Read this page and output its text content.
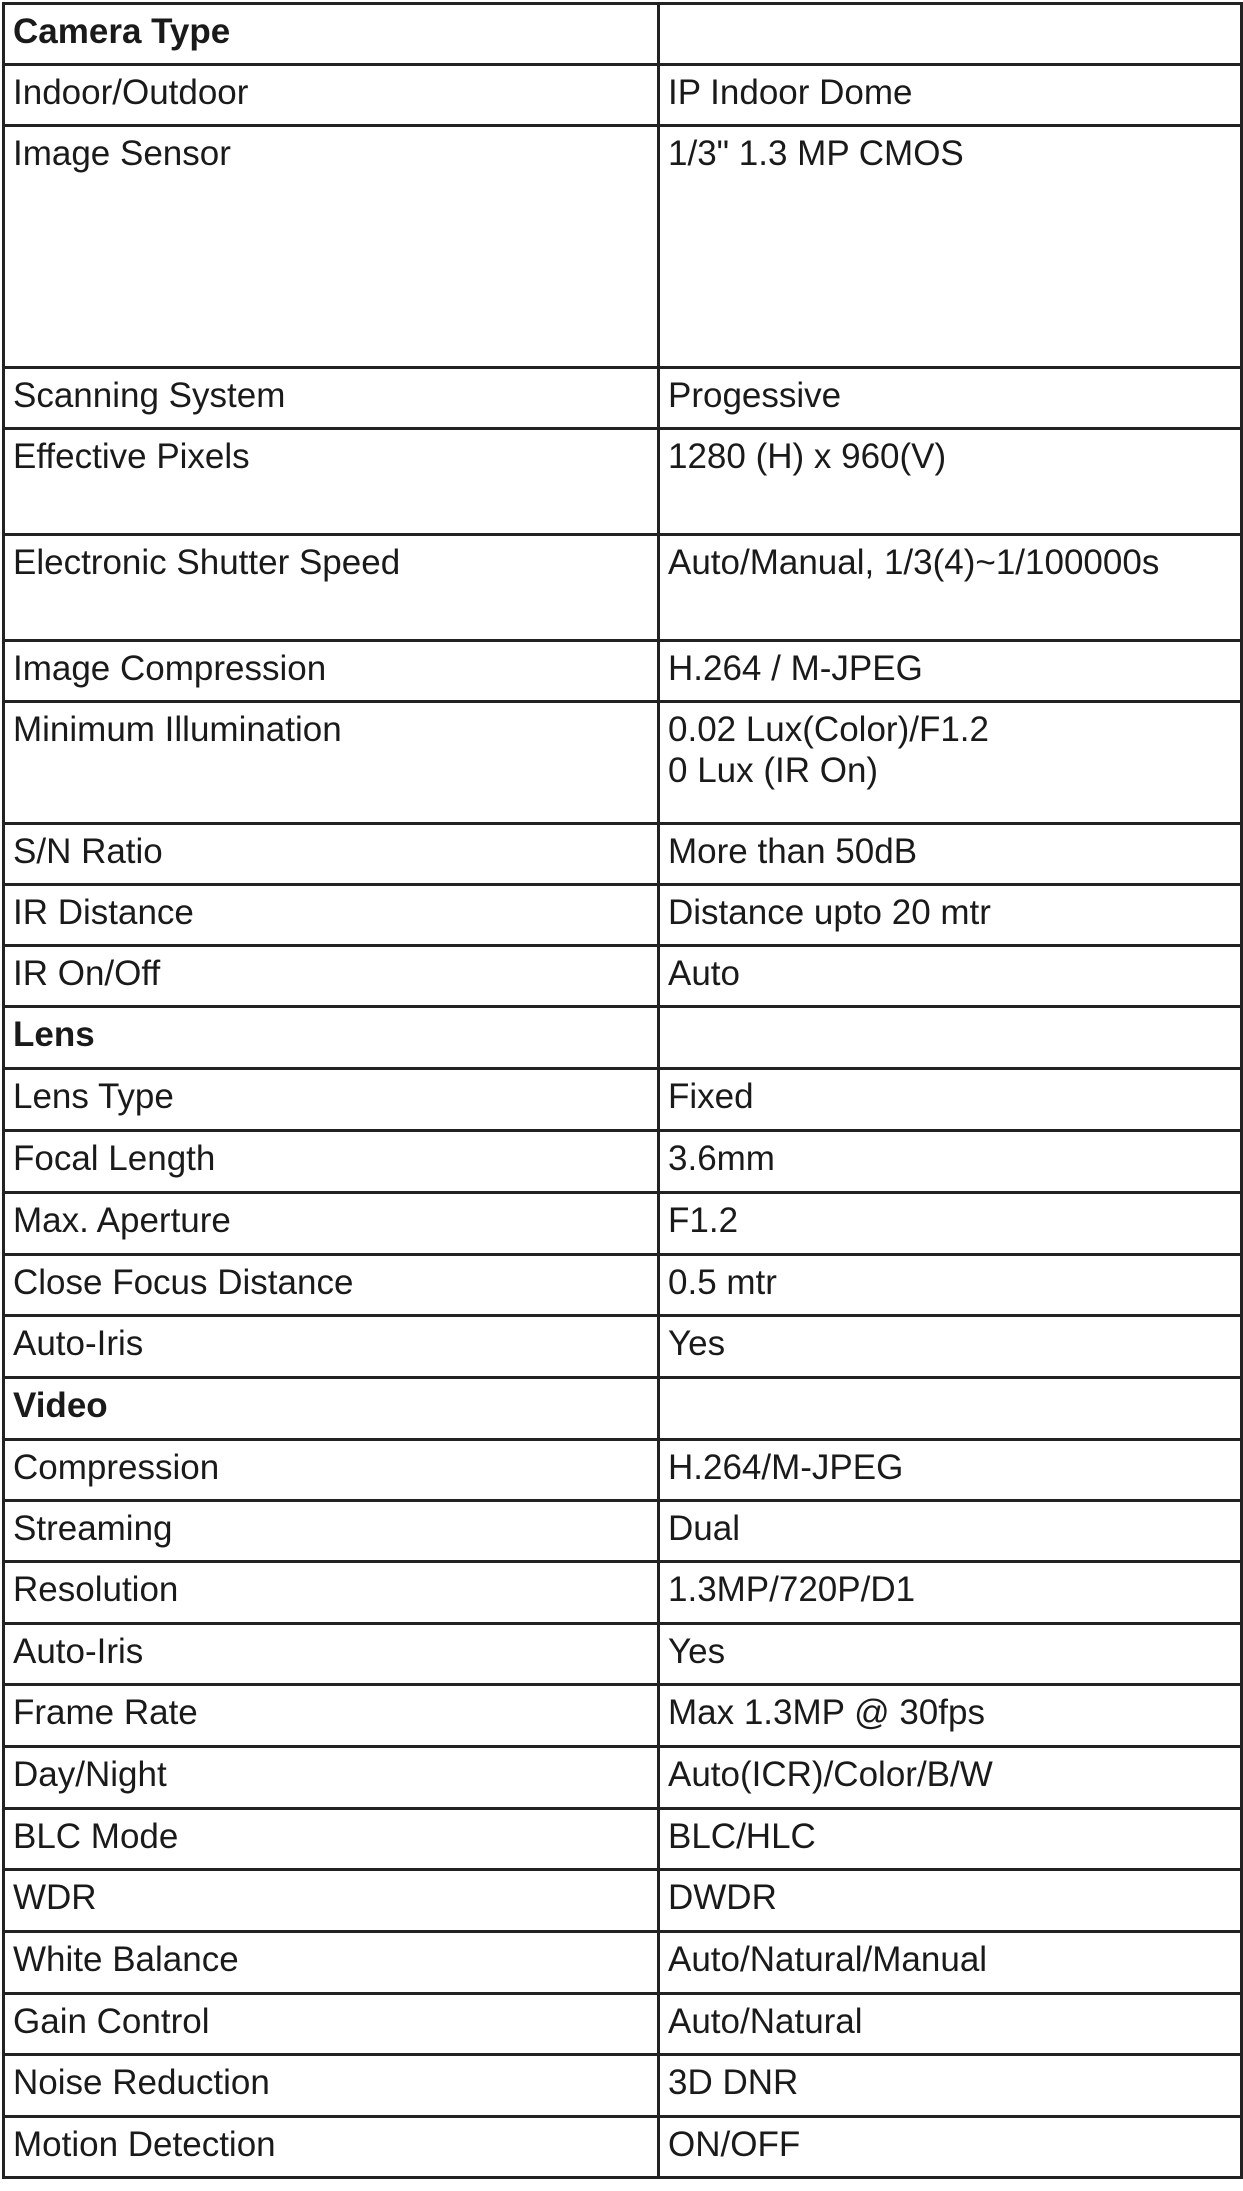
Camera Type	
Indoor/Outdoor	IP Indoor Dome

Image Sensor	1/3" 1.3 MP CMOS

Scanning System	Progessive

Effective Pixels	1280 (H) x 960(V)

Electronic Shutter Speed	Auto/Manual, 1/3(4)~1/100000s

Image Compression	H.264 / M-JPEG

Minimum Illumination	0.02 Lux(Color)/F1.2
0 Lux (IR On)

S/N Ratio	More than 50dB

IR Distance	Distance upto 20 mtr

IR On/Off	Auto

Lens	
Lens Type	Fixed

Focal Length	3.6mm

Max. Aperture	F1.2

Close Focus Distance	0.5 mtr

Auto-Iris	Yes

Video	
Compression	H.264/M-JPEG

Streaming	Dual

Resolution	1.3MP/720P/D1

Auto-Iris	Yes

Frame Rate	Max 1.3MP @ 30fps

Day/Night	Auto(ICR)/Color/B/W

BLC Mode	BLC/HLC

WDR	DWDR

White Balance	Auto/Natural/Manual

Gain Control	Auto/Natural

Noise Reduction	3D DNR

Motion Detection	ON/OFF
